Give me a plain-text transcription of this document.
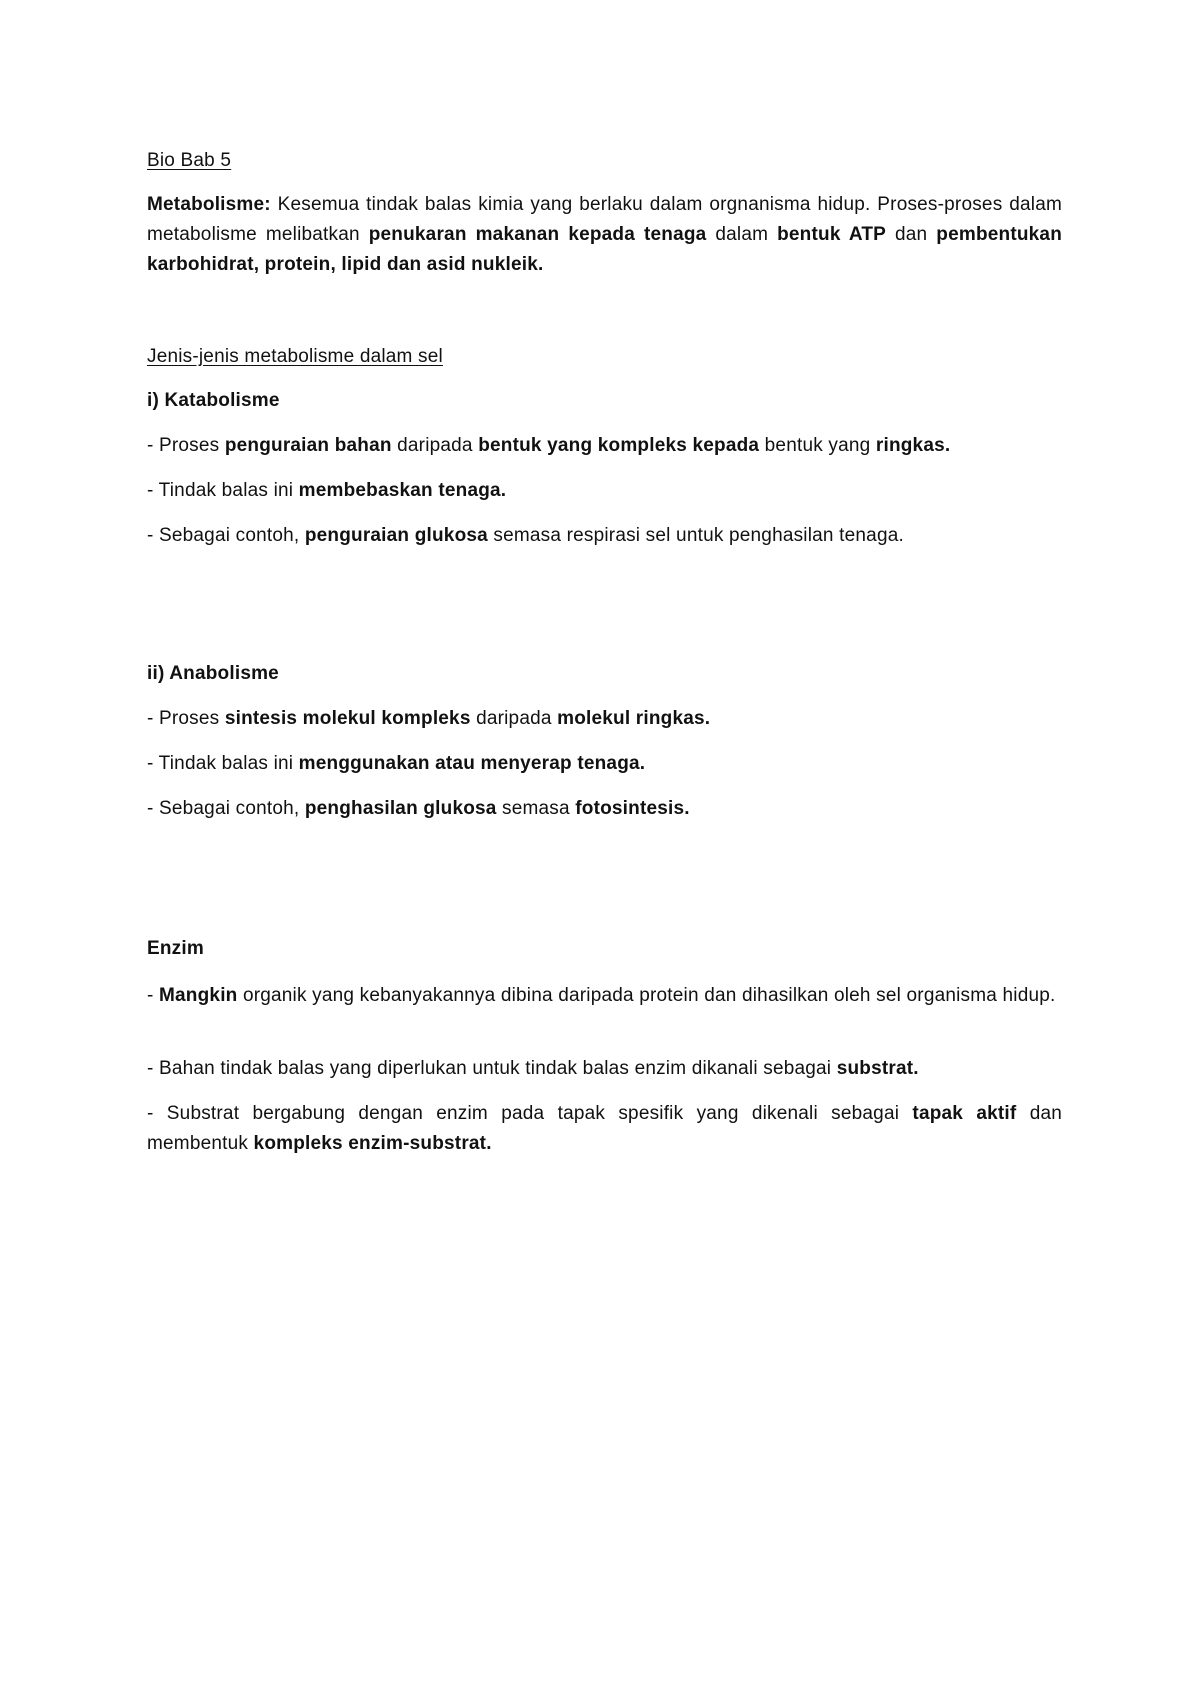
Bio Bab 5

Metabolisme: Kesemua tindak balas kimia yang berlaku dalam orgnanisma hidup. Proses-proses dalam metabolisme melibatkan penukaran makanan kepada tenaga dalam bentuk ATP dan pembentukan karbohidrat, protein, lipid dan asid nukleik.

Jenis-jenis metabolisme dalam sel

i) Katabolisme

- Proses penguraian bahan daripada bentuk yang kompleks kepada bentuk yang ringkas.

- Tindak balas ini membebaskan tenaga.

- Sebagai contoh, penguraian glukosa semasa respirasi sel untuk penghasilan tenaga.

ii) Anabolisme

- Proses sintesis molekul kompleks daripada molekul ringkas.

- Tindak balas ini menggunakan atau menyerap tenaga.

- Sebagai contoh, penghasilan glukosa semasa fotosintesis.

Enzim

- Mangkin organik yang kebanyakannya dibina daripada protein dan dihasilkan oleh sel organisma hidup.

- Bahan tindak balas yang diperlukan untuk tindak balas enzim dikanali sebagai substrat.

- Substrat bergabung dengan enzim pada tapak spesifik yang dikenali sebagai tapak aktif dan membentuk kompleks enzim-substrat.
